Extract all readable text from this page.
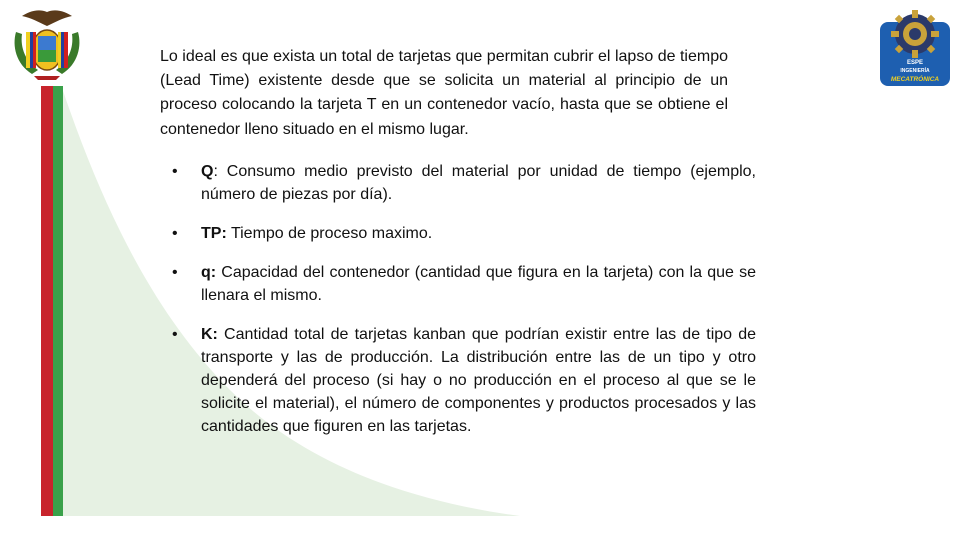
ESPE
INGENIERÍA
MECATRÓNICA

Lo ideal es que exista un total de tarjetas que permitan cubrir el lapso de tiempo (Lead Time) existente desde que se solicita un material al principio de un proceso colocando la tarjeta T en un contenedor vacío, hasta que se obtiene el contenedor lleno situado en el mismo lugar.

• Q: Consumo medio previsto del material por unidad de tiempo (ejemplo, número de piezas por día).
• TP: Tiempo de proceso maximo.
• q: Capacidad del contenedor (cantidad que figura en la tarjeta) con la que se llenara el mismo.
• K: Cantidad total de tarjetas kanban que podrían existir entre las de tipo de transporte y las de producción. La distribución entre las de un tipo y otro dependerá del proceso (si hay o no producción en el proceso al que se le solicite el material), el número de componentes y productos procesados y las cantidades que figuren en las tarjetas.
